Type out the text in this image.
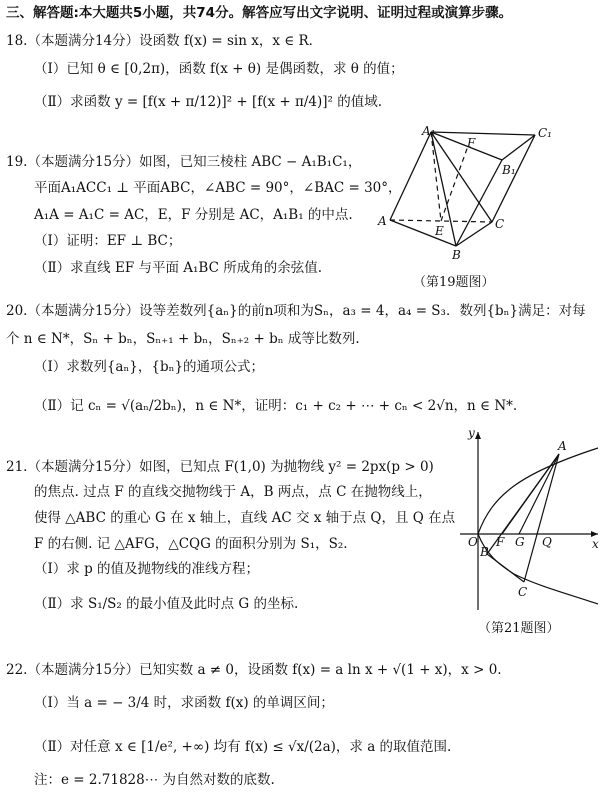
三、解答题:本大题共5小题，共74分。解答应写出文字说明、证明过程或演算步骤。
18.（本题满分14分）设函数 f(x) = sin x，x ∈ R．
（Ⅰ）已知 θ ∈ [0,2π)，函数 f(x + θ) 是偶函数，求 θ 的值；
（Ⅱ）求函数 y = [f(x + π/12)]² + [f(x + π/4)]² 的值域.
19.（本题满分15分）如图，已知三棱柱 ABC − A₁B₁C₁，
平面A₁ACC₁ ⊥ 平面ABC，∠ABC = 90°，∠BAC = 30°，
A₁A = A₁C = AC，E，F 分别是 AC，A₁B₁ 的中点.
（Ⅰ）证明：EF ⊥ BC；
（Ⅱ）求直线 EF 与平面 A₁BC 所成角的余弦值.
A₁	C₁
F
B₁
A
E	C
B
（第19题图）
20.（本题满分15分）设等差数列{aₙ}的前n项和为Sₙ，a₃ = 4，a₄ = S₃．数列{bₙ}满足：对每
个 n ∈ N*，Sₙ + bₙ，Sₙ₊₁ + bₙ，Sₙ₊₂ + bₙ 成等比数列.
（Ⅰ）求数列{aₙ}，{bₙ}的通项公式；
（Ⅱ）记 cₙ = √(aₙ/2bₙ)，n ∈ N*，证明：c₁ + c₂ + ⋯ + cₙ < 2√n，n ∈ N*.
21.（本题满分15分）如图，已知点 F(1,0) 为抛物线 y² = 2px(p > 0)
的焦点. 过点 F 的直线交抛物线于 A，B 两点，点 C 在抛物线上，
使得 △ABC 的重心 G 在 x 轴上，直线 AC 交 x 轴于点 Q，且 Q 在点
F 的右侧. 记 △AFG，△CQG 的面积分别为 S₁，S₂.
（Ⅰ）求 p 的值及抛物线的准线方程；
（Ⅱ）求 S₁/S₂ 的最小值及此时点 G 的坐标.
y
A
O F G Q	x
B
C
（第21题图）
22.（本题满分15分）已知实数 a ≠ 0，设函数 f(x) = a ln x + √(1 + x)，x > 0.
（Ⅰ）当 a = − 3/4 时，求函数 f(x) 的单调区间；
（Ⅱ）对任意 x ∈ [1/e², +∞) 均有 f(x) ≤ √x/(2a)，求 a 的取值范围.
注：e = 2.71828⋯ 为自然对数的底数.
